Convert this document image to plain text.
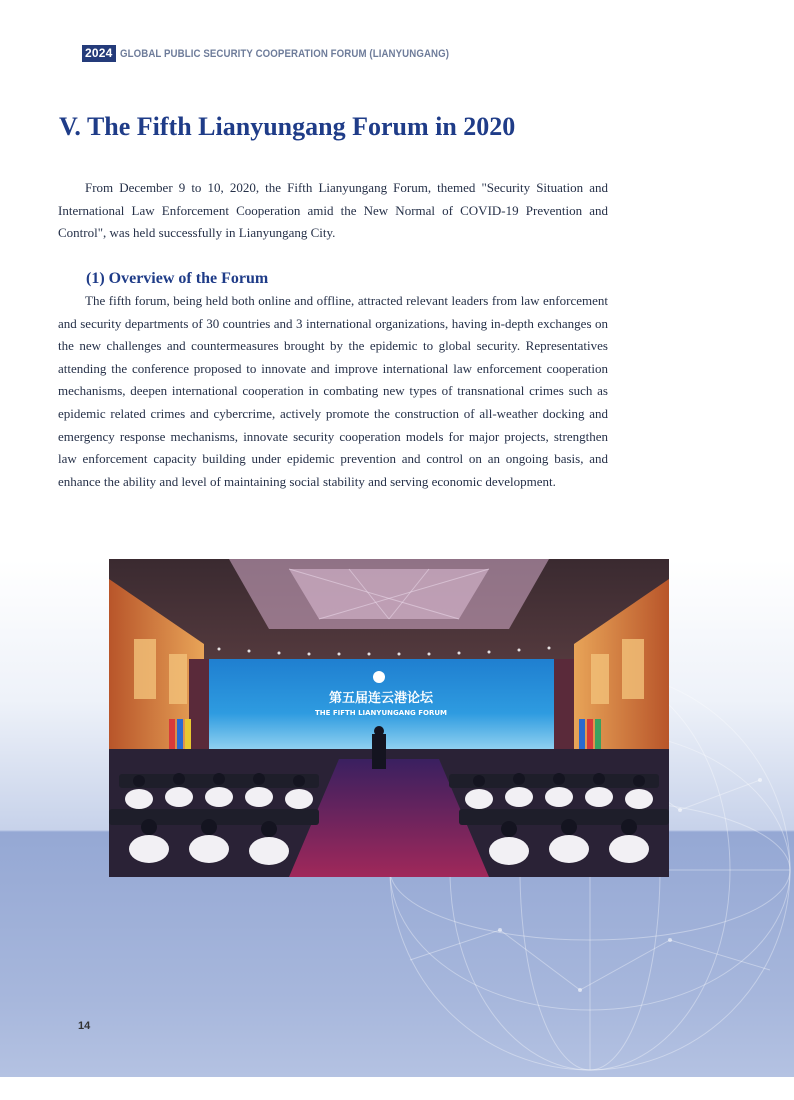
2024 GLOBAL PUBLIC SECURITY COOPERATION FORUM (LIANYUNGANG)
V. The Fifth Lianyungang Forum in 2020

From December 9 to 10, 2020, the Fifth Lianyungang Forum, themed "Security Situation and International Law Enforcement Cooperation amid the New Normal of COVID-19 Prevention and Control", was held successfully in Lianyungang City.

(1) Overview of the Forum

The fifth forum, being held both online and offline, attracted relevant leaders from law enforcement and security departments of 30 countries and 3 international organizations, having in-depth exchanges on the new challenges and countermeasures brought by the epidemic to global security. Representatives attending the conference proposed to innovate and improve international law enforcement cooperation mechanisms, deepen international cooperation in combating new types of transnational crimes such as epidemic related crimes and cybercrime, actively promote the construction of all-weather docking and emergency response mechanisms, innovate security cooperation models for major projects, strengthen law enforcement capacity building under epidemic prevention and control on an ongoing basis, and enhance the ability and level of maintaining social stability and serving economic development.

第五届连云港论坛
THE FIFTH LIANYUNGANG FORUM
14
